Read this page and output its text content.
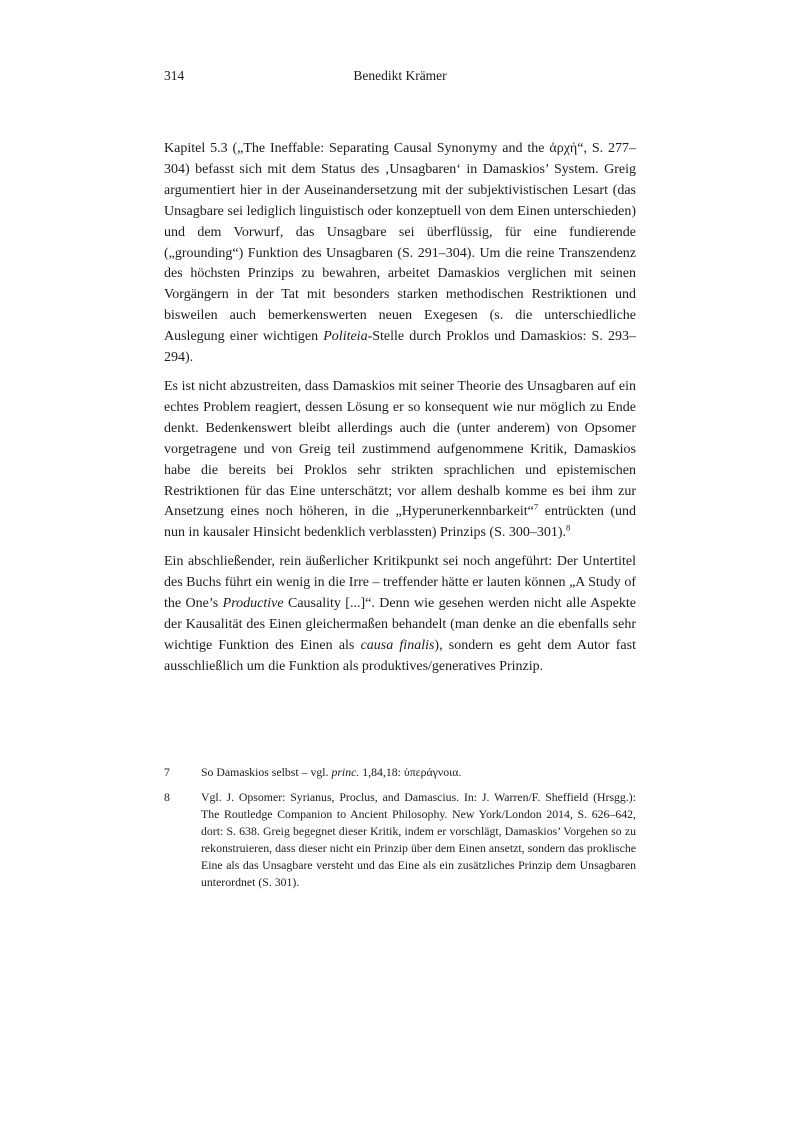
314	Benedikt Krämer

Kapitel 5.3 („The Ineffable: Separating Causal Synonymy and the ἀρχή“, S. 277–304) befasst sich mit dem Status des ‚Unsagbaren‘ in Damaskios’ System. Greig argumentiert hier in der Auseinandersetzung mit der subjektivistischen Lesart (das Unsagbare sei lediglich linguistisch oder konzeptuell von dem Einen unterschieden) und dem Vorwurf, das Unsagbare sei überflüssig, für eine fundierende („grounding“) Funktion des Unsagbaren (S. 291–304). Um die reine Transzendenz des höchsten Prinzips zu bewahren, arbeitet Damaskios verglichen mit seinen Vorgängern in der Tat mit besonders starken methodischen Restriktionen und bisweilen auch bemerkenswerten neuen Exegesen (s. die unterschiedliche Auslegung einer wichtigen Politeia-Stelle durch Proklos und Damaskios: S. 293–294).

Es ist nicht abzustreiten, dass Damaskios mit seiner Theorie des Unsagbaren auf ein echtes Problem reagiert, dessen Lösung er so konsequent wie nur möglich zu Ende denkt. Bedenkenswert bleibt allerdings auch die (unter anderem) von Opsomer vorgetragene und von Greig teil zustimmend aufgenommene Kritik, Damaskios habe die bereits bei Proklos sehr strikten sprachlichen und epistemischen Restriktionen für das Eine unterschätzt; vor allem deshalb komme es bei ihm zur Ansetzung eines noch höheren, in die „Hyperunerkennbarkeit“$^7$ entrückten (und nun in kausaler Hinsicht bedenklich verblassten) Prinzips (S. 300–301).$^8$

Ein abschließender, rein äußerlicher Kritikpunkt sei noch angeführt: Der Untertitel des Buchs führt ein wenig in die Irre – treffender hätte er lauten können „A Study of the One’s Productive Causality [...]“. Denn wie gesehen werden nicht alle Aspekte der Kausalität des Einen gleichermaßen behandelt (man denke an die ebenfalls sehr wichtige Funktion des Einen als causa finalis), sondern es geht dem Autor fast ausschließlich um die Funktion als produktives/generatives Prinzip.

7	So Damaskios selbst – vgl. princ. 1,84,18: ὑπεράγνοια.
8	Vgl. J. Opsomer: Syrianus, Proclus, and Damascius. In: J. Warren/F. Sheffield (Hrsgg.): The Routledge Companion to Ancient Philosophy. New York/London 2014, S. 626–642, dort: S. 638. Greig begegnet dieser Kritik, indem er vorschlägt, Damaskios’ Vorgehen so zu rekonstruieren, dass dieser nicht ein Prinzip über dem Einen ansetzt, sondern das proklische Eine als das Unsagbare versteht und das Eine als ein zusätzliches Prinzip dem Unsagbaren unterordnet (S. 301).
